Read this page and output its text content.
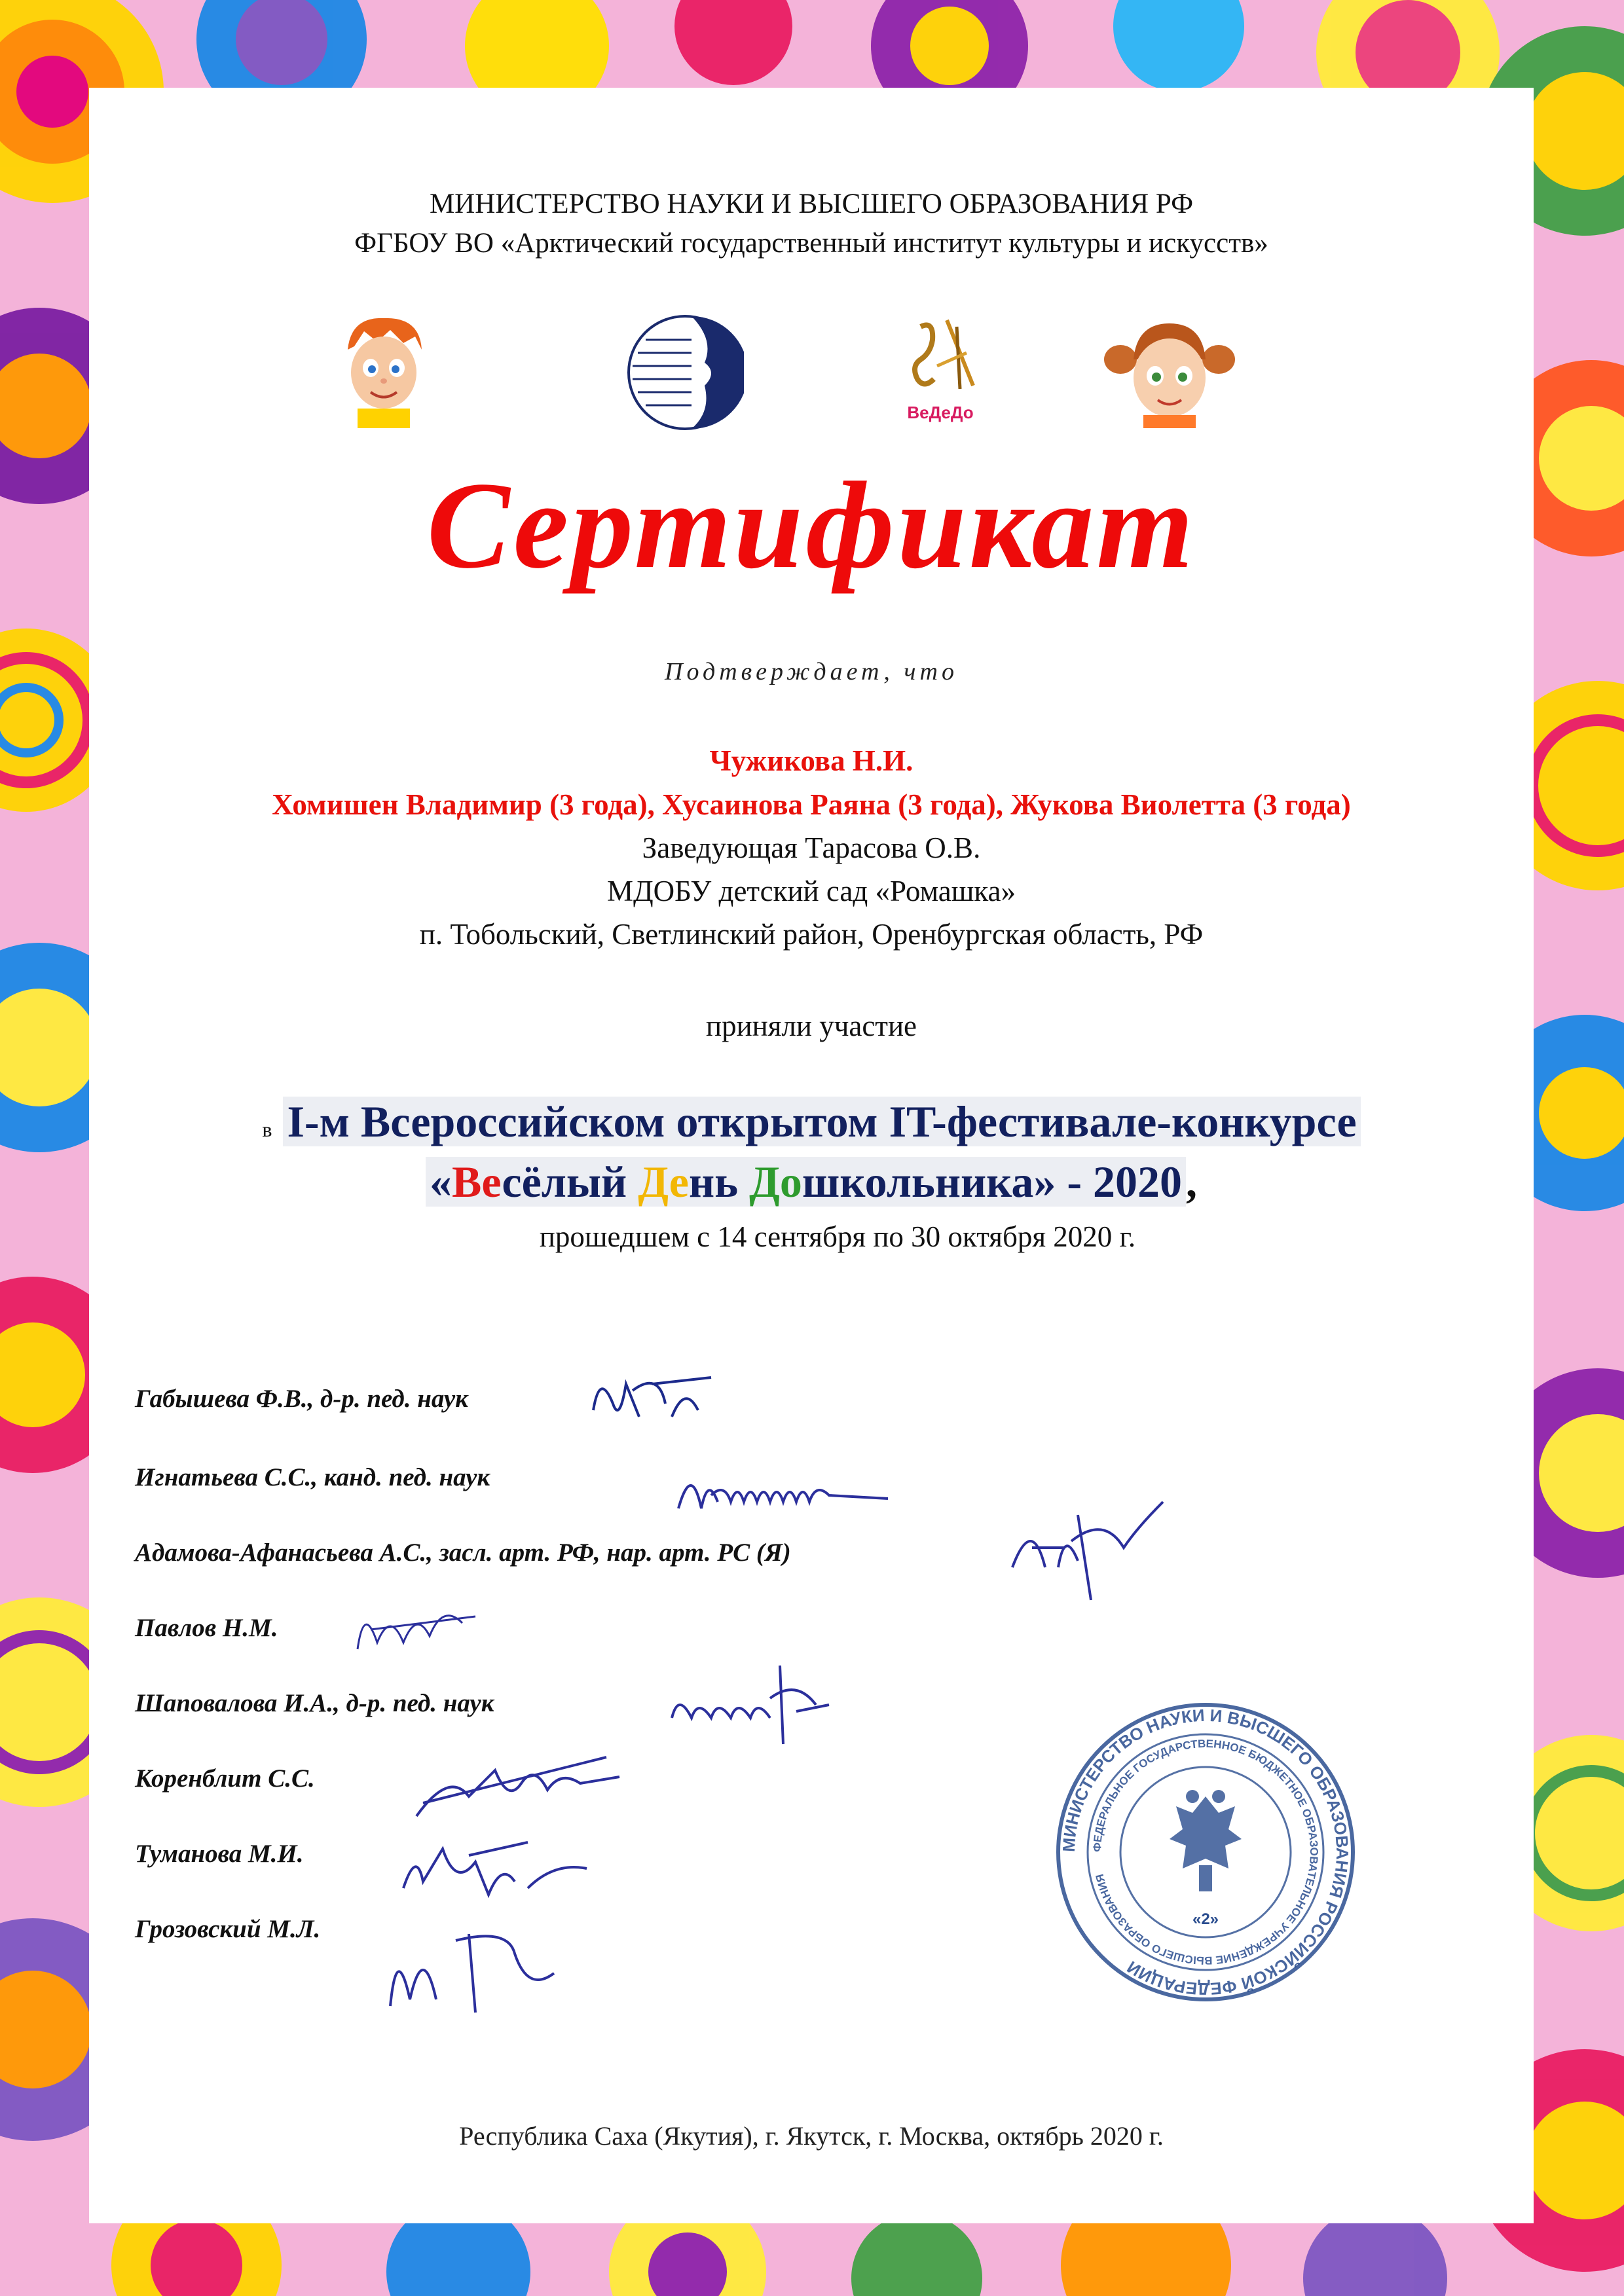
МИНИСТЕРСТВО НАУКИ И ВЫСШЕГО ОБРАЗОВАНИЯ РФ
ФГБОУ ВО «Арктический государственный институт культуры и искусств»
ВеДеДо
Сертификат
Подтверждает, что
Чужикова Н.И.
Хомишен Владимир (3 года), Хусаинова Раяна (3 года), Жукова Виолетта (3 года)
Заведующая Тарасова О.В.
МДОБУ детский сад «Ромашка»
п. Тобольский, Светлинский район, Оренбургская область, РФ
приняли участие
в I-м Всероссийском открытом IT-фестивале-конкурсе
«Весёлый День Дошкольника» - 2020,
прошедшем с 14 сентября по 30 октября 2020 г.
Габышева Ф.В., д-р. пед. наук
Игнатьева С.С., канд. пед. наук
Адамова-Афанасьева А.С., засл. арт. РФ, нар. арт. РС (Я)
Павлов Н.М.
Шаповалова И.А., д-р. пед. наук
Коренблит С.С.
Туманова М.И.
Грозовский М.Л.
МИНИСТЕРСТВО НАУКИ И ВЫСШЕГО ОБРАЗОВАНИЯ РОССИЙСКОЙ ФЕДЕРАЦИИ
ФЕДЕРАЛЬНОЕ ГОСУДАРСТВЕННОЕ БЮДЖЕТНОЕ ОБРАЗОВАТЕЛЬНОЕ УЧРЕЖДЕНИЕ ВЫСШЕГО ОБРАЗОВАНИЯ
«2»
Республика Саха (Якутия), г. Якутск, г. Москва, октябрь 2020 г.
